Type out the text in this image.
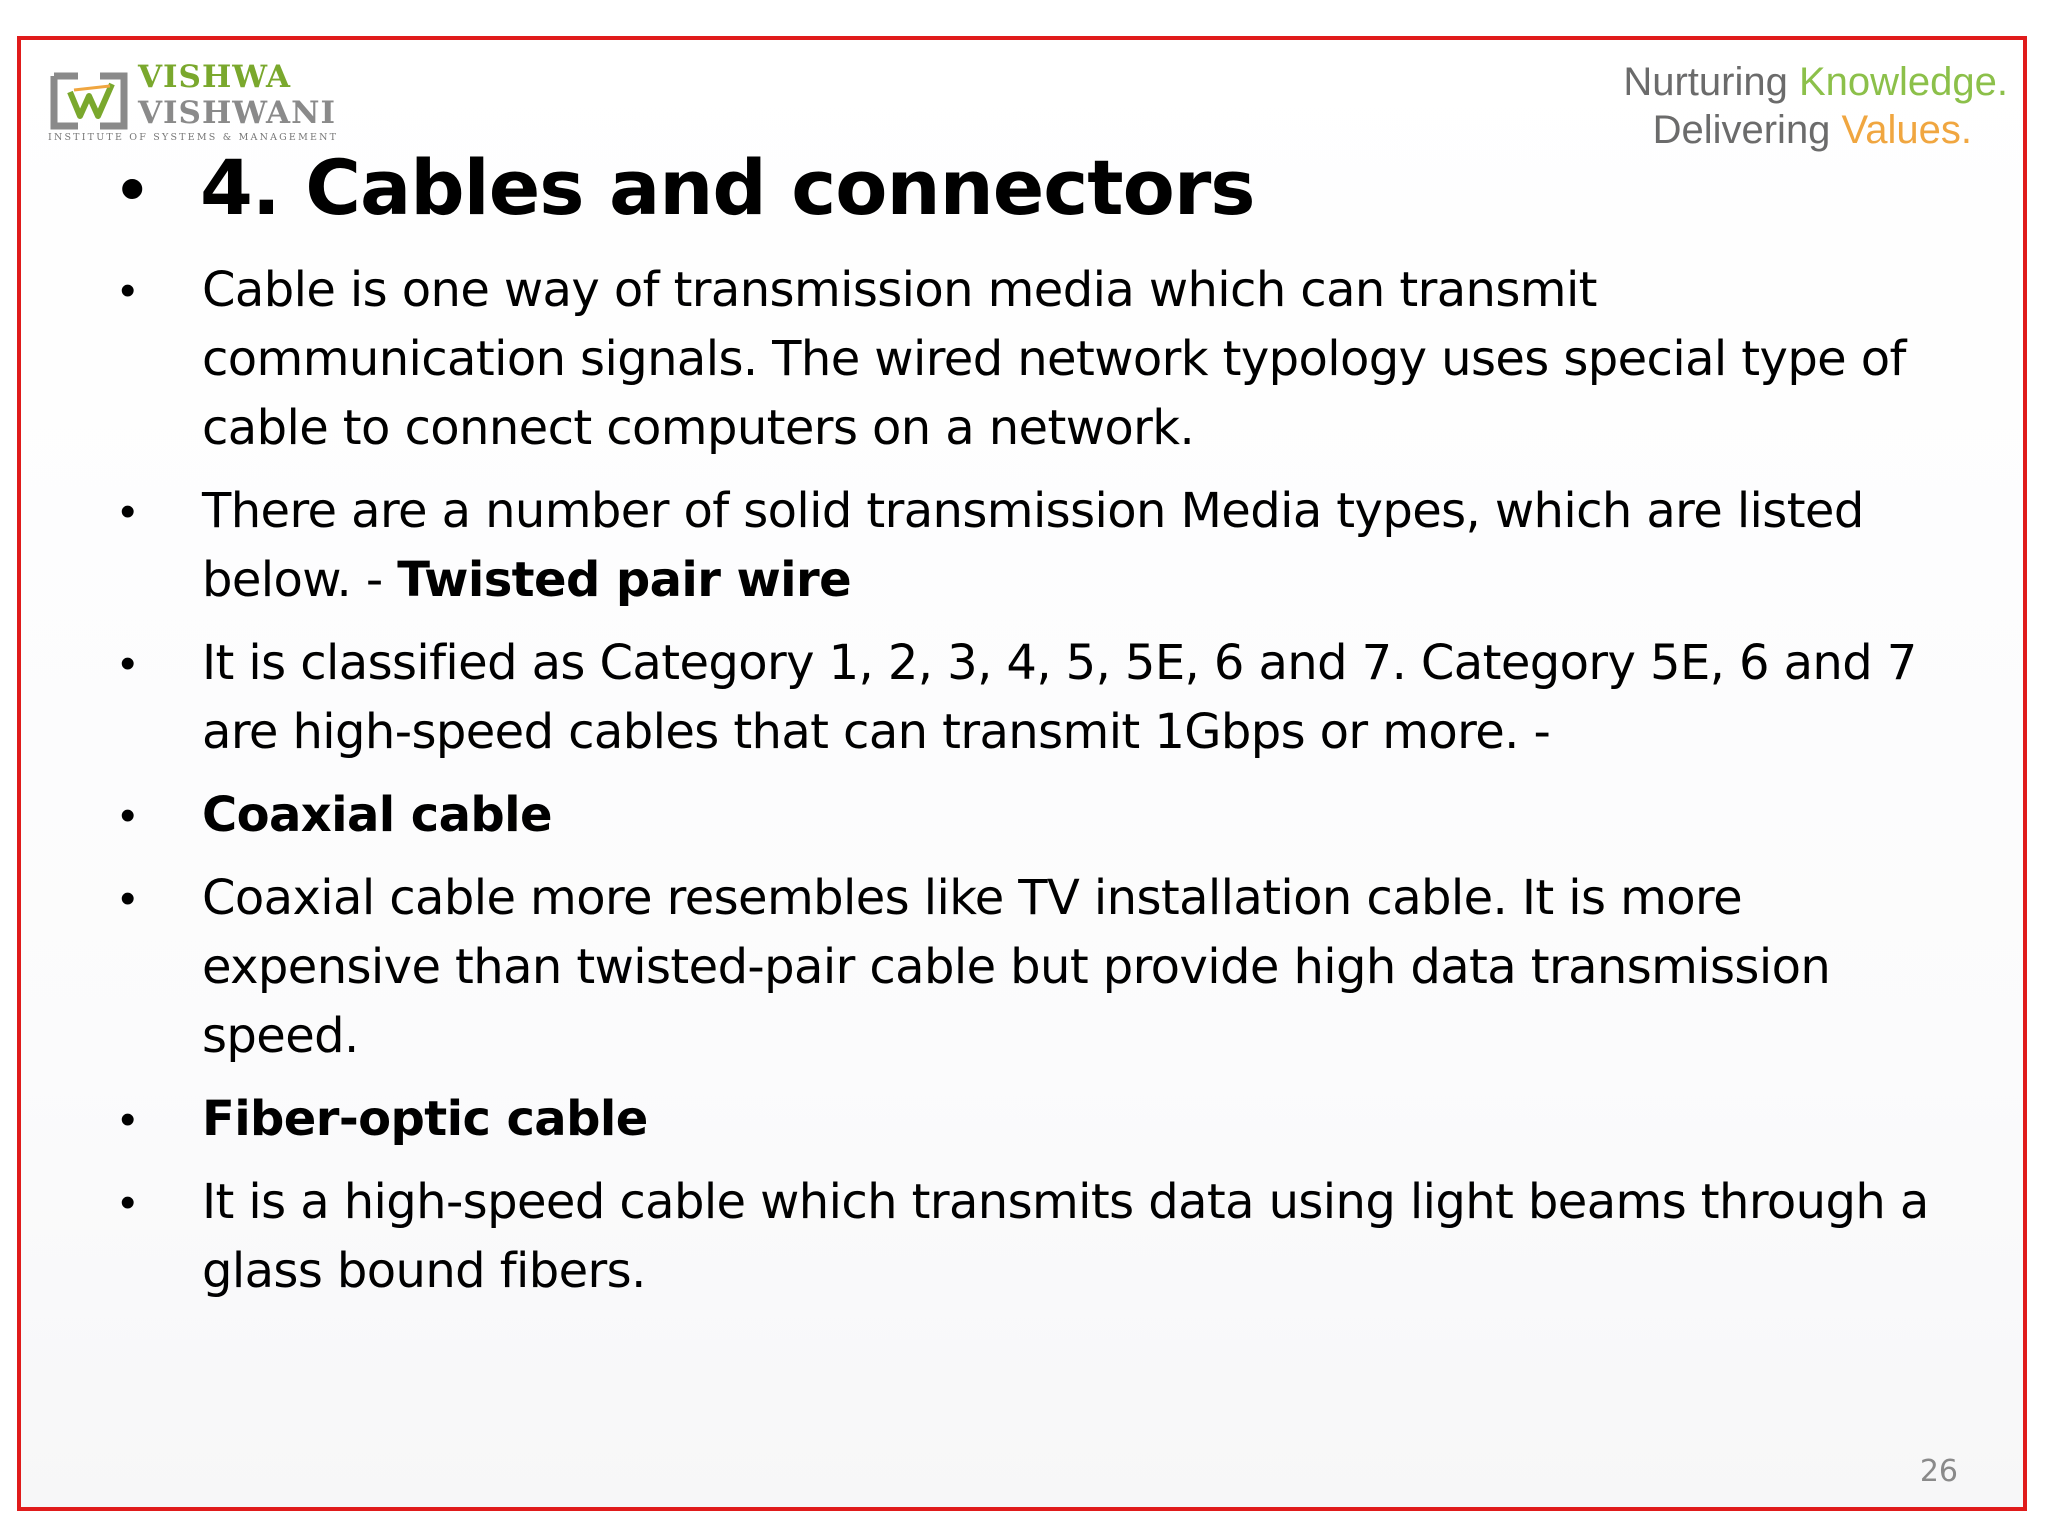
VISHWA
VISHWANI
INSTITUTE OF SYSTEMS & MANAGEMENT
Nurturing Knowledge.
Delivering Values.
• 4. Cables and connectors
•	Cable is one way of transmission media which can transmit communication signals. The wired network typology uses special type of cable to connect computers on a network.
•	There are a number of solid transmission Media types, which are listed below. - Twisted pair wire
•	It is classified as Category 1, 2, 3, 4, 5, 5E, 6 and 7. Category 5E, 6 and 7 are high-speed cables that can transmit 1Gbps or more. -
•	Coaxial cable
•	Coaxial cable more resembles like TV installation cable. It is more expensive than twisted-pair cable but provide high data transmission speed.
•	Fiber-optic cable
•	It is a high-speed cable which transmits data using light beams through a glass bound fibers.
26
